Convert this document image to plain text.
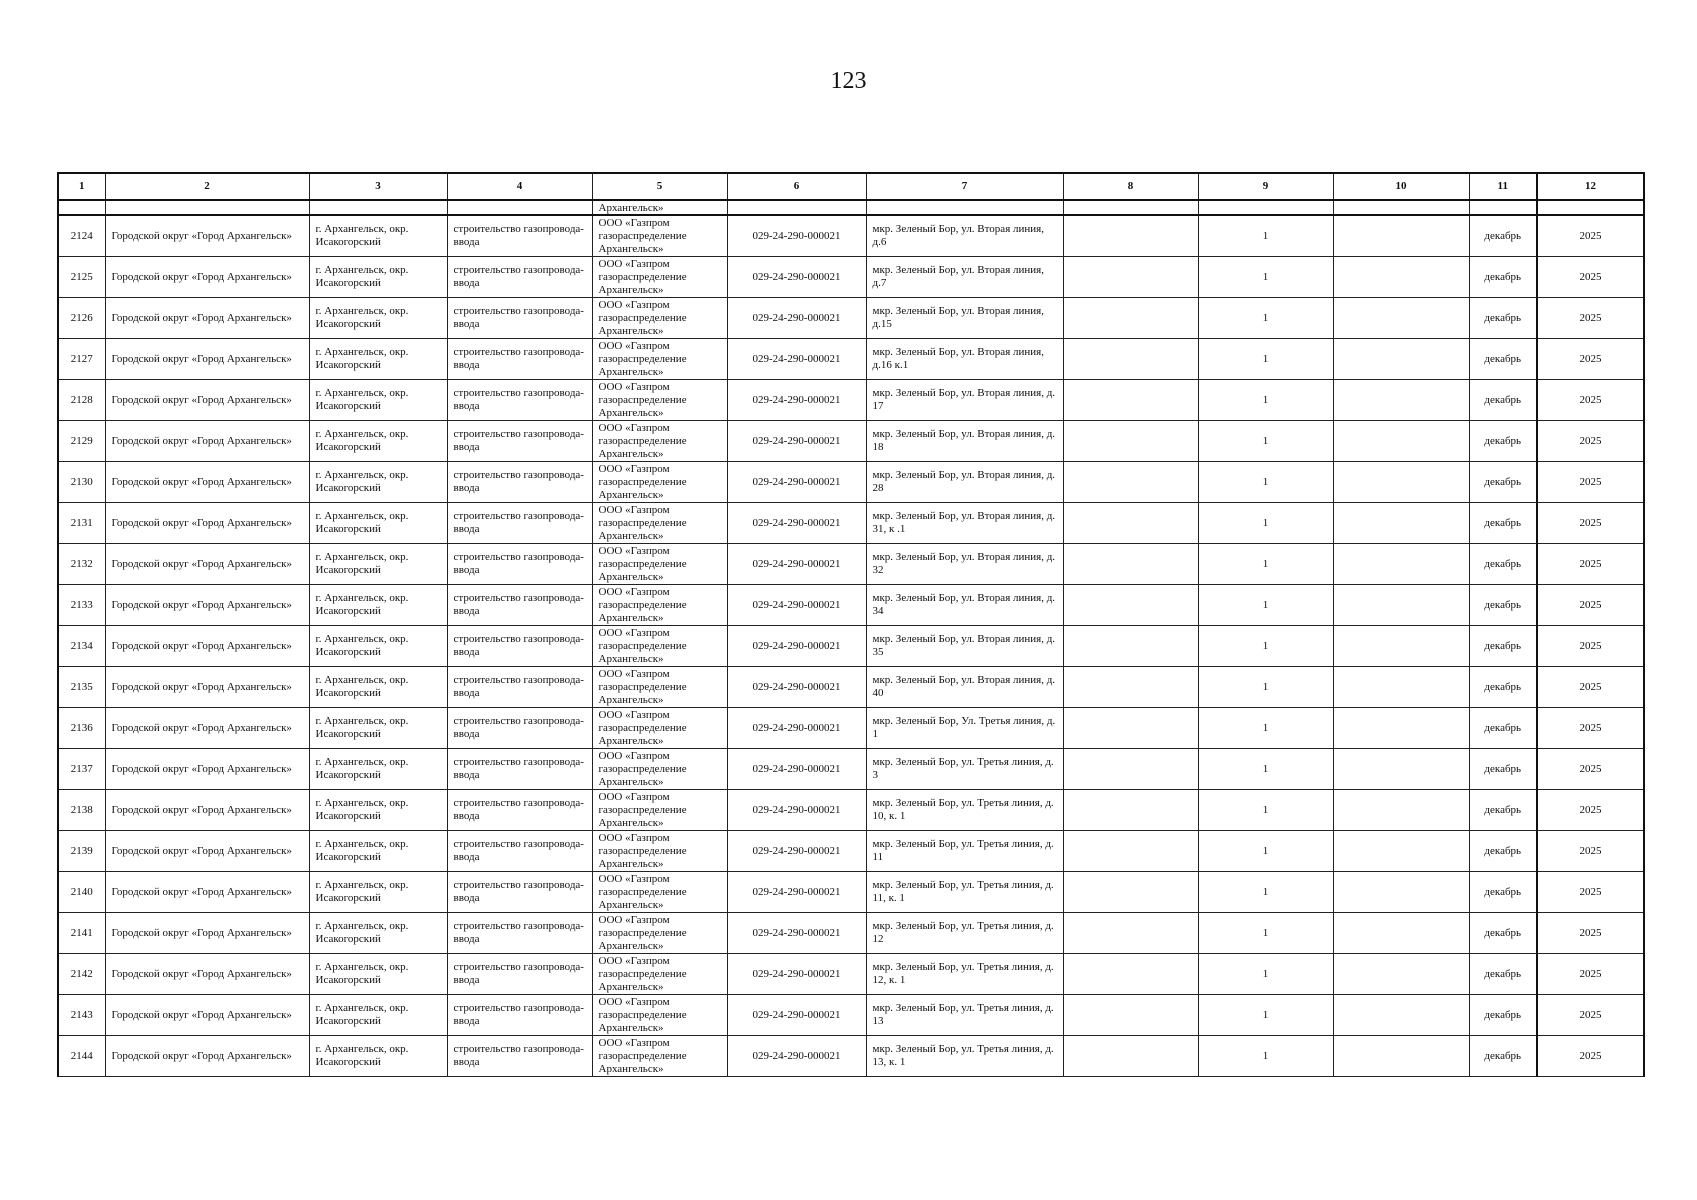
123
1	2	3	4	5	6	7	8	9	10	11	12
				Архангельск»							
2124	Городской округ «Город Архангельск»	г. Архангельск, окр. Исакогорский	строительство газопровода-ввода	ООО «Газпром газораспределение Архангельск»	029-24-290-000021	мкр. Зеленый Бор, ул. Вторая линия, д.6		1		декабрь	2025
2125	Городской округ «Город Архангельск»	г. Архангельск, окр. Исакогорский	строительство газопровода-ввода	ООО «Газпром газораспределение Архангельск»	029-24-290-000021	мкр. Зеленый Бор, ул. Вторая линия, д.7		1		декабрь	2025
2126	Городской округ «Город Архангельск»	г. Архангельск, окр. Исакогорский	строительство газопровода-ввода	ООО «Газпром газораспределение Архангельск»	029-24-290-000021	мкр. Зеленый Бор, ул. Вторая линия, д.15		1		декабрь	2025
2127	Городской округ «Город Архангельск»	г. Архангельск, окр. Исакогорский	строительство газопровода-ввода	ООО «Газпром газораспределение Архангельск»	029-24-290-000021	мкр. Зеленый Бор, ул. Вторая линия, д.16 к.1		1		декабрь	2025
2128	Городской округ «Город Архангельск»	г. Архангельск, окр. Исакогорский	строительство газопровода-ввода	ООО «Газпром газораспределение Архангельск»	029-24-290-000021	мкр. Зеленый Бор, ул. Вторая линия, д. 17		1		декабрь	2025
2129	Городской округ «Город Архангельск»	г. Архангельск, окр. Исакогорский	строительство газопровода-ввода	ООО «Газпром газораспределение Архангельск»	029-24-290-000021	мкр. Зеленый Бор, ул. Вторая линия, д. 18		1		декабрь	2025
2130	Городской округ «Город Архангельск»	г. Архангельск, окр. Исакогорский	строительство газопровода-ввода	ООО «Газпром газораспределение Архангельск»	029-24-290-000021	мкр. Зеленый Бор, ул. Вторая линия, д. 28		1		декабрь	2025
2131	Городской округ «Город Архангельск»	г. Архангельск, окр. Исакогорский	строительство газопровода-ввода	ООО «Газпром газораспределение Архангельск»	029-24-290-000021	мкр. Зеленый Бор, ул. Вторая линия, д. 31, к .1		1		декабрь	2025
2132	Городской округ «Город Архангельск»	г. Архангельск, окр. Исакогорский	строительство газопровода-ввода	ООО «Газпром газораспределение Архангельск»	029-24-290-000021	мкр. Зеленый Бор, ул. Вторая линия, д. 32		1		декабрь	2025
2133	Городской округ «Город Архангельск»	г. Архангельск, окр. Исакогорский	строительство газопровода-ввода	ООО «Газпром газораспределение Архангельск»	029-24-290-000021	мкр. Зеленый Бор, ул. Вторая линия, д. 34		1		декабрь	2025
2134	Городской округ «Город Архангельск»	г. Архангельск, окр. Исакогорский	строительство газопровода-ввода	ООО «Газпром газораспределение Архангельск»	029-24-290-000021	мкр. Зеленый Бор, ул. Вторая линия, д. 35		1		декабрь	2025
2135	Городской округ «Город Архангельск»	г. Архангельск, окр. Исакогорский	строительство газопровода-ввода	ООО «Газпром газораспределение Архангельск»	029-24-290-000021	мкр. Зеленый Бор, ул. Вторая линия, д. 40		1		декабрь	2025
2136	Городской округ «Город Архангельск»	г. Архангельск, окр. Исакогорский	строительство газопровода-ввода	ООО «Газпром газораспределение Архангельск»	029-24-290-000021	мкр. Зеленый Бор, Ул. Третья линия, д. 1		1		декабрь	2025
2137	Городской округ «Город Архангельск»	г. Архангельск, окр. Исакогорский	строительство газопровода-ввода	ООО «Газпром газораспределение Архангельск»	029-24-290-000021	мкр. Зеленый Бор, ул. Третья линия, д. 3		1		декабрь	2025
2138	Городской округ «Город Архангельск»	г. Архангельск, окр. Исакогорский	строительство газопровода-ввода	ООО «Газпром газораспределение Архангельск»	029-24-290-000021	мкр. Зеленый Бор, ул. Третья линия, д. 10, к. 1		1		декабрь	2025
2139	Городской округ «Город Архангельск»	г. Архангельск, окр. Исакогорский	строительство газопровода-ввода	ООО «Газпром газораспределение Архангельск»	029-24-290-000021	мкр. Зеленый Бор, ул. Третья линия, д. 11		1		декабрь	2025
2140	Городской округ «Город Архангельск»	г. Архангельск, окр. Исакогорский	строительство газопровода-ввода	ООО «Газпром газораспределение Архангельск»	029-24-290-000021	мкр. Зеленый Бор, ул. Третья линия, д. 11, к. 1		1		декабрь	2025
2141	Городской округ «Город Архангельск»	г. Архангельск, окр. Исакогорский	строительство газопровода-ввода	ООО «Газпром газораспределение Архангельск»	029-24-290-000021	мкр. Зеленый Бор, ул. Третья линия, д. 12		1		декабрь	2025
2142	Городской округ «Город Архангельск»	г. Архангельск, окр. Исакогорский	строительство газопровода-ввода	ООО «Газпром газораспределение Архангельск»	029-24-290-000021	мкр. Зеленый Бор, ул. Третья линия, д. 12, к. 1		1		декабрь	2025
2143	Городской округ «Город Архангельск»	г. Архангельск, окр. Исакогорский	строительство газопровода-ввода	ООО «Газпром газораспределение Архангельск»	029-24-290-000021	мкр. Зеленый Бор, ул. Третья линия, д. 13		1		декабрь	2025
2144	Городской округ «Город Архангельск»	г. Архангельск, окр. Исакогорский	строительство газопровода-ввода	ООО «Газпром газораспределение Архангельск»	029-24-290-000021	мкр. Зеленый Бор, ул. Третья линия, д. 13, к. 1		1		декабрь	2025
